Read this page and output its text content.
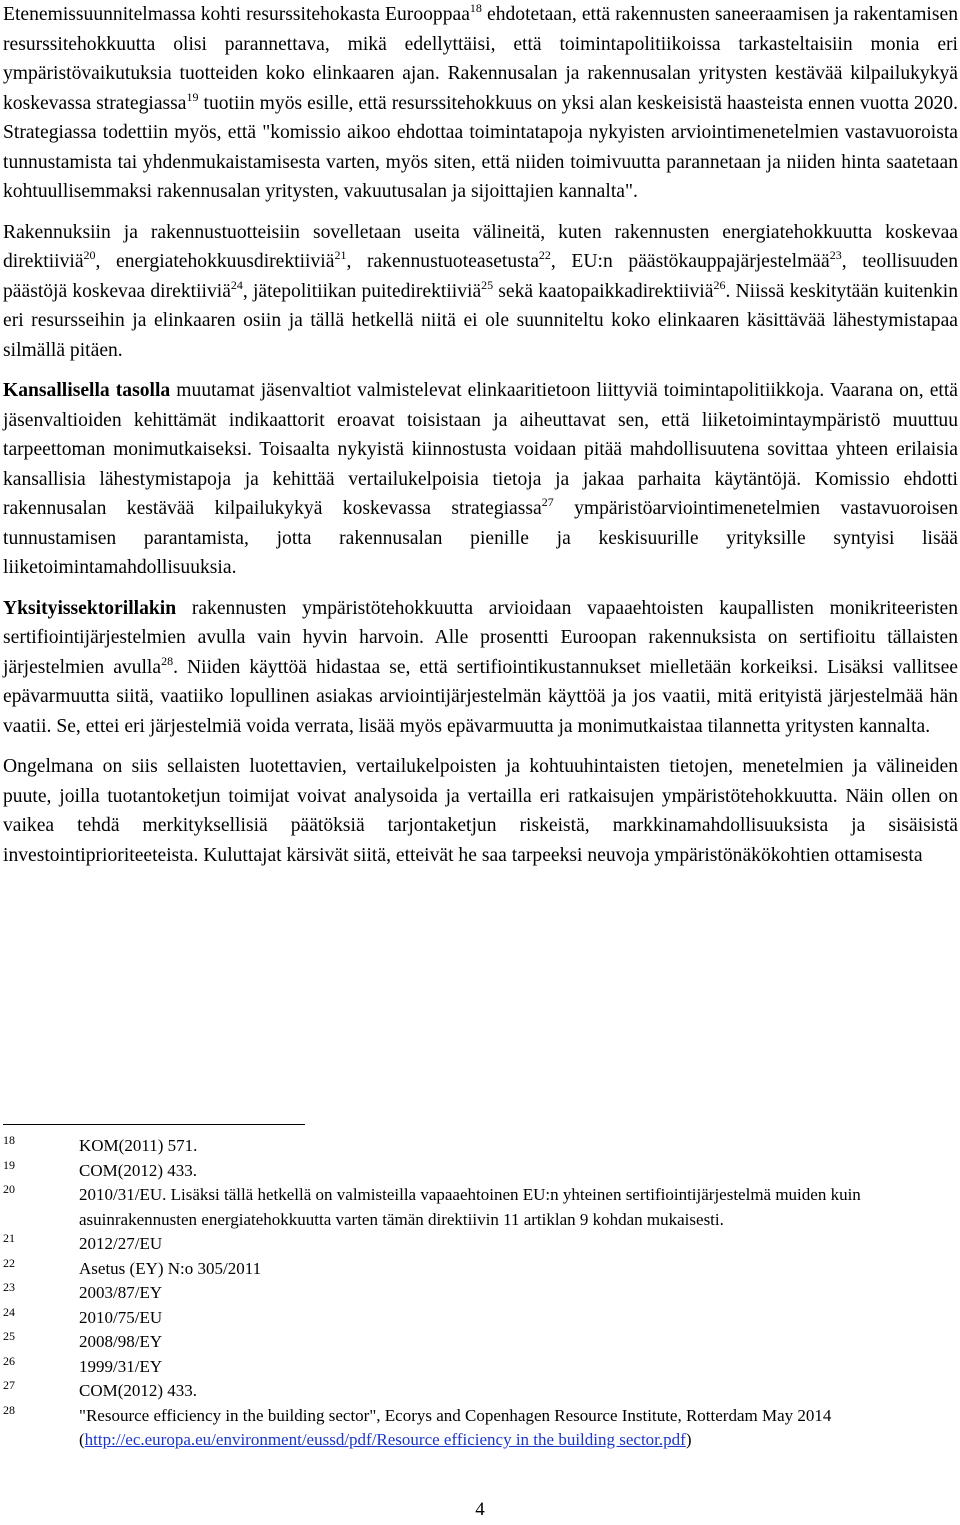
Etenemissuunnitelmassa kohti resurssitehokasta Eurooppaa$^{18}$ ehdotetaan, että rakennusten saneeraamisen ja rakentamisen resurssitehokkuutta olisi parannettava, mikä edellyttäisi, että toimintapolitiikoissa tarkasteltaisiin monia eri ympäristövaikutuksia tuotteiden koko elinkaaren ajan. Rakennusalan ja rakennusalan yritysten kestävää kilpailukykyä koskevassa strategiassa$^{19}$ tuotiin myös esille, että resurssitehokkuus on yksi alan keskeisistä haasteista ennen vuotta 2020. Strategiassa todettiin myös, että "komissio aikoo ehdottaa toimintatapoja nykyisten arviointimenetelmien vastavuoroista tunnustamista tai yhdenmukaistamisesta varten, myös siten, että niiden toimivuutta parannetaan ja niiden hinta saatetaan kohtuullisemmaksi rakennusalan yritysten, vakuutusalan ja sijoittajien kannalta".

Rakennuksiin ja rakennustuotteisiin sovelletaan useita välineitä, kuten rakennusten energiatehokkuutta koskevaa direktiiviä$^{20}$, energiatehokkuusdirektiiviä$^{21}$, rakennustuoteasetusta$^{22}$, EU:n päästökauppajärjestelmää$^{23}$, teollisuuden päästöjä koskevaa direktiiviä$^{24}$, jätepolitiikan puitedirektiiviä$^{25}$ sekä kaatopaikkadirektiiviä$^{26}$. Niissä keskitytään kuitenkin eri resursseihin ja elinkaaren osiin ja tällä hetkellä niitä ei ole suunniteltu koko elinkaaren käsittävää lähestymistapaa silmällä pitäen.

Kansallisella tasolla muutamat jäsenvaltiot valmistelevat elinkaaritietoon liittyviä toimintapolitiikkoja. Vaarana on, että jäsenvaltioiden kehittämät indikaattorit eroavat toisistaan ja aiheuttavat sen, että liiketoimintaympäristö muuttuu tarpeettoman monimutkaiseksi. Toisaalta nykyistä kiinnostusta voidaan pitää mahdollisuutena sovittaa yhteen erilaisia kansallisia lähestymistapoja ja kehittää vertailukelpoisia tietoja ja jakaa parhaita käytäntöjä. Komissio ehdotti rakennusalan kestävää kilpailukykyä koskevassa strategiassa$^{27}$ ympäristöarviointimenetelmien vastavuoroisen tunnustamisen parantamista, jotta rakennusalan pienille ja keskisuurille yrityksille syntyisi lisää liiketoimintamahdollisuuksia.

Yksityissektorillakin rakennusten ympäristötehokkuutta arvioidaan vapaaehtoisten kaupallisten monikriteeristen sertifiointijärjestelmien avulla vain hyvin harvoin. Alle prosentti Euroopan rakennuksista on sertifioitu tällaisten järjestelmien avulla$^{28}$. Niiden käyttöä hidastaa se, että sertifiointikustannukset mielletään korkeiksi. Lisäksi vallitsee epävarmuutta siitä, vaatiiko lopullinen asiakas arviointijärjestelmän käyttöä ja jos vaatii, mitä erityistä järjestelmää hän vaatii. Se, ettei eri järjestelmiä voida verrata, lisää myös epävarmuutta ja monimutkaistaa tilannetta yritysten kannalta.

Ongelmana on siis sellaisten luotettavien, vertailukelpoisten ja kohtuuhintaisten tietojen, menetelmien ja välineiden puute, joilla tuotantoketjun toimijat voivat analysoida ja vertailla eri ratkaisujen ympäristötehokkuutta. Näin ollen on vaikea tehdä merkityksellisiä päätöksiä tarjontaketjun riskeistä, markkinamahdollisuuksista ja sisäisistä investointiprioriteeteista. Kuluttajat kärsivät siitä, etteivät he saa tarpeeksi neuvoja ympäristönäkökohtien ottamisesta

18	KOM(2011) 571.
19	COM(2012) 433.
20	2010/31/EU. Lisäksi tällä hetkellä on valmisteilla vapaaehtoinen EU:n yhteinen sertifiointijärjestelmä muiden kuin asuinrakennusten energiatehokkuutta varten tämän direktiivin 11 artiklan 9 kohdan mukaisesti.
21	2012/27/EU
22	Asetus (EY) N:o 305/2011
23	2003/87/EY
24	2010/75/EU
25	2008/98/EY
26	1999/31/EY
27	COM(2012) 433.
28	"Resource efficiency in the building sector", Ecorys and Copenhagen Resource Institute, Rotterdam May 2014 (http://ec.europa.eu/environment/eussd/pdf/Resource efficiency in the building sector.pdf)
4
